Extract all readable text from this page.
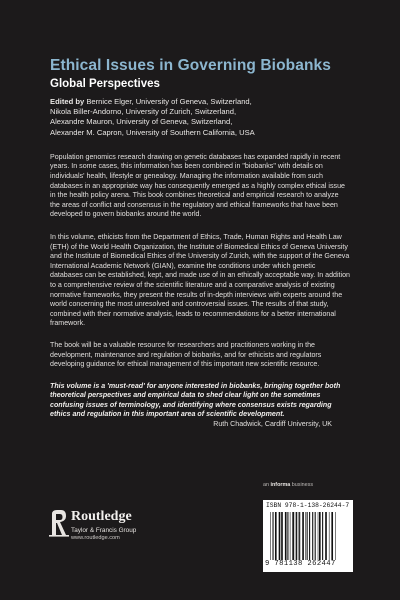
Ethical Issues in Governing Biobanks
Global Perspectives
Edited by Bernice Elger, University of Geneva, Switzerland,
Nikola Biller-Andorno, University of Zurich, Switzerland,
Alexandre Mauron, University of Geneva, Switzerland,
Alexander M. Capron, University of Southern California, USA

Population genomics research drawing on genetic databases has expanded rapidly in recent years. In some cases, this information has been combined in "biobanks" with details on individuals' health, lifestyle or genealogy. Managing the information available from such databases in an appropriate way has consequently emerged as a highly complex ethical issue in the health policy arena. This book combines theoretical and empirical research to analyze the areas of conflict and consensus in the regulatory and ethical frameworks that have been developed to govern biobanks around the world.

In this volume, ethicists from the Department of Ethics, Trade, Human Rights and Health Law (ETH) of the World Health Organization, the Institute of Biomedical Ethics of Geneva University and the Institute of Biomedical Ethics of the University of Zurich, with the support of the Geneva International Academic Network (GIAN), examine the conditions under which genetic databases can be established, kept, and made use of in an ethically acceptable way. In addition to a comprehensive review of the scientific literature and a comparative analysis of existing normative frameworks, they present the results of in-depth interviews with experts around the world concerning the most unresolved and controversial issues. The results of that study, combined with their normative analysis, leads to recommendations for a better international framework.

The book will be a valuable resource for researchers and practitioners working in the development, maintenance and regulation of biobanks, and for ethicists and regulators developing guidance for ethical management of this important new scientific resource.

This volume is a 'must-read' for anyone interested in biobanks, bringing together both theoretical perspectives and empirical data to shed clear light on the sometimes confusing issues of terminology, and identifying where consensus exists regarding ethics and regulation in this important area of scientific development.
Ruth Chadwick, Cardiff University, UK
an informa business
Routledge
Taylor & Francis Group
www.routledge.com
ISBN 978-1-138-26244-7
9 781138 262447
